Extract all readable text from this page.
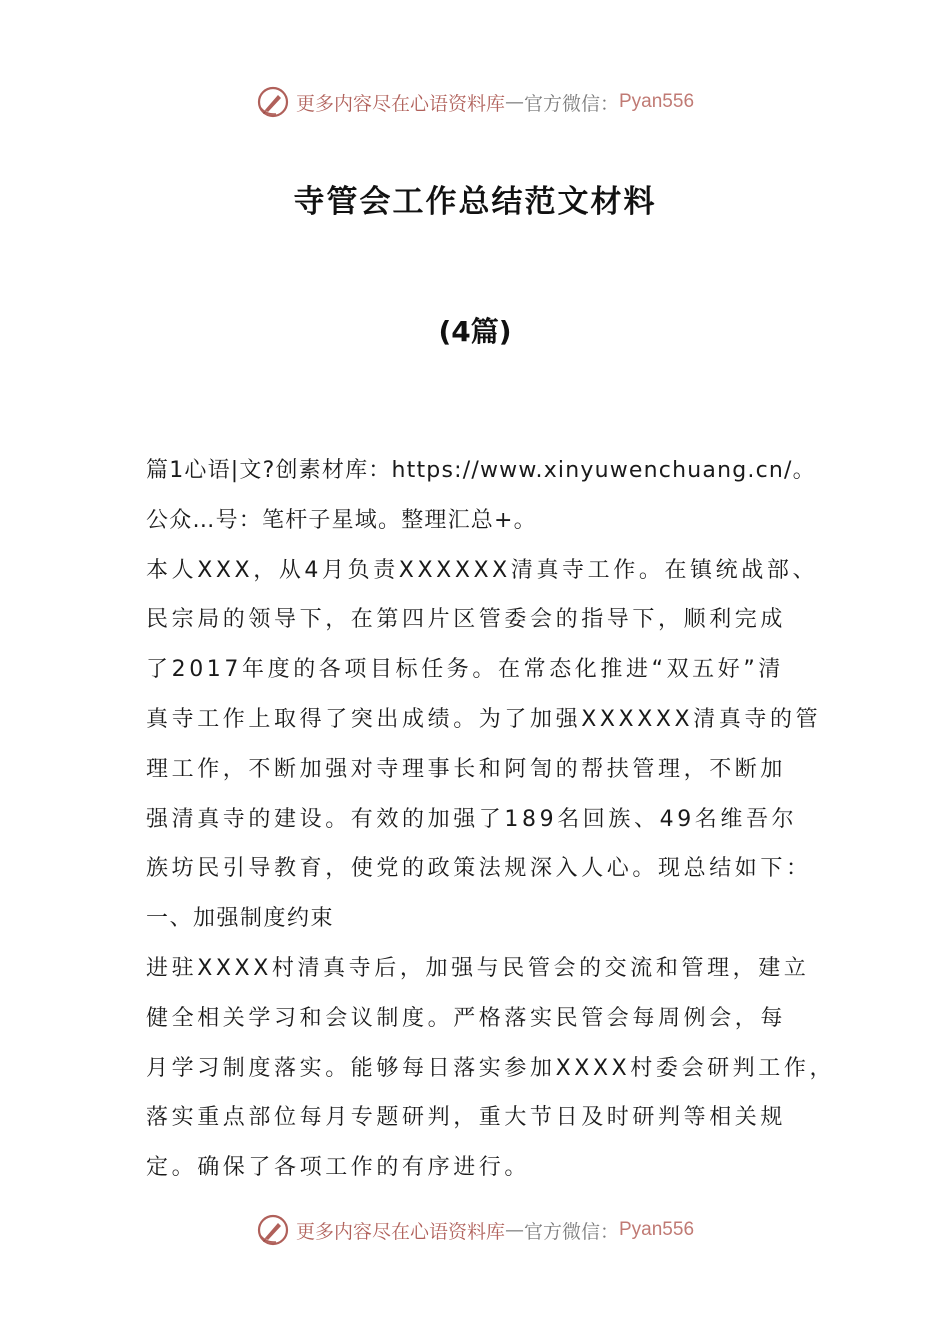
更多内容尽在心语资料库 — 官方微信： Pyan556
寺管会工作总结范文材料
(4篇)
篇1心语|文?创素材库：https://www.xinyuwenchuang.cn/。
公众…号：笔杆子星域。整理汇总+。
本人XXX，从4月负责XXXXXX清真寺工作。在镇统战部、
民宗局的领导下，在第四片区管委会的指导下，顺利完成
了2017年度的各项目标任务。在常态化推进“双五好”清
真寺工作上取得了突出成绩。为了加强XXXXXX清真寺的管
理工作，不断加强对寺理事长和阿訇的帮扶管理，不断加
强清真寺的建设。有效的加强了189名回族、49名维吾尔
族坊民引导教育，使党的政策法规深入人心。现总结如下：
一、加强制度约束
进驻XXXX村清真寺后，加强与民管会的交流和管理，建立
健全相关学习和会议制度。严格落实民管会每周例会，每
月学习制度落实。能够每日落实参加XXXX村委会研判工作，
落实重点部位每月专题研判，重大节日及时研判等相关规
定。确保了各项工作的有序进行。
更多内容尽在心语资料库 — 官方微信： Pyan556
